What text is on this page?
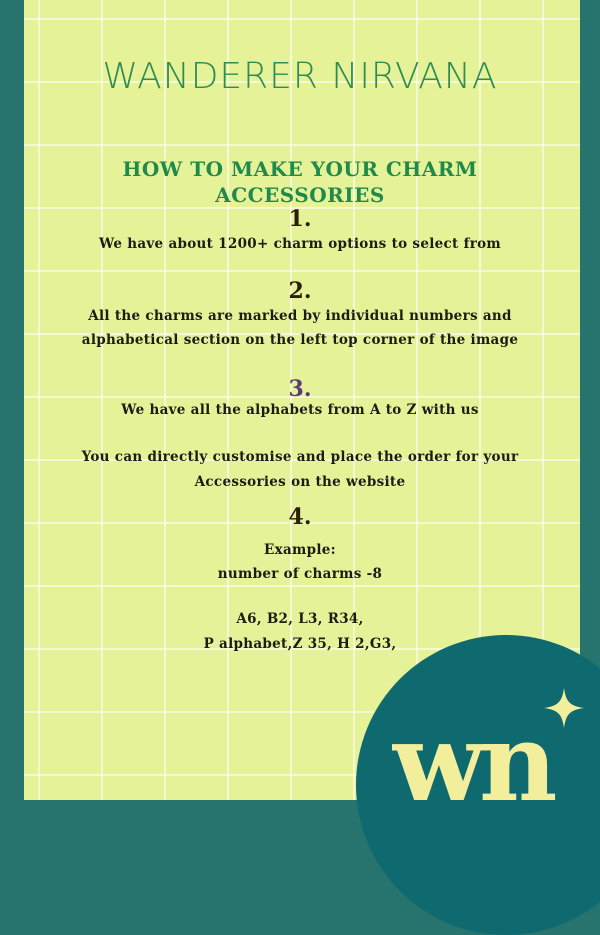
WANDERER NIRVANA
HOW TO MAKE YOUR CHARM
ACCESSORIES
1.
We have about 1200+ charm options to select from
2.
All the charms are marked by individual numbers and
alphabetical section on the left top corner of the image
3.
We have all the alphabets from A to Z with us
You can directly customise and place the order for your
Accessories on the website
4.
Example:
number of charms -8
A6, B2, L3, R34,
P alphabet,Z 35, H 2,G3,
wn
